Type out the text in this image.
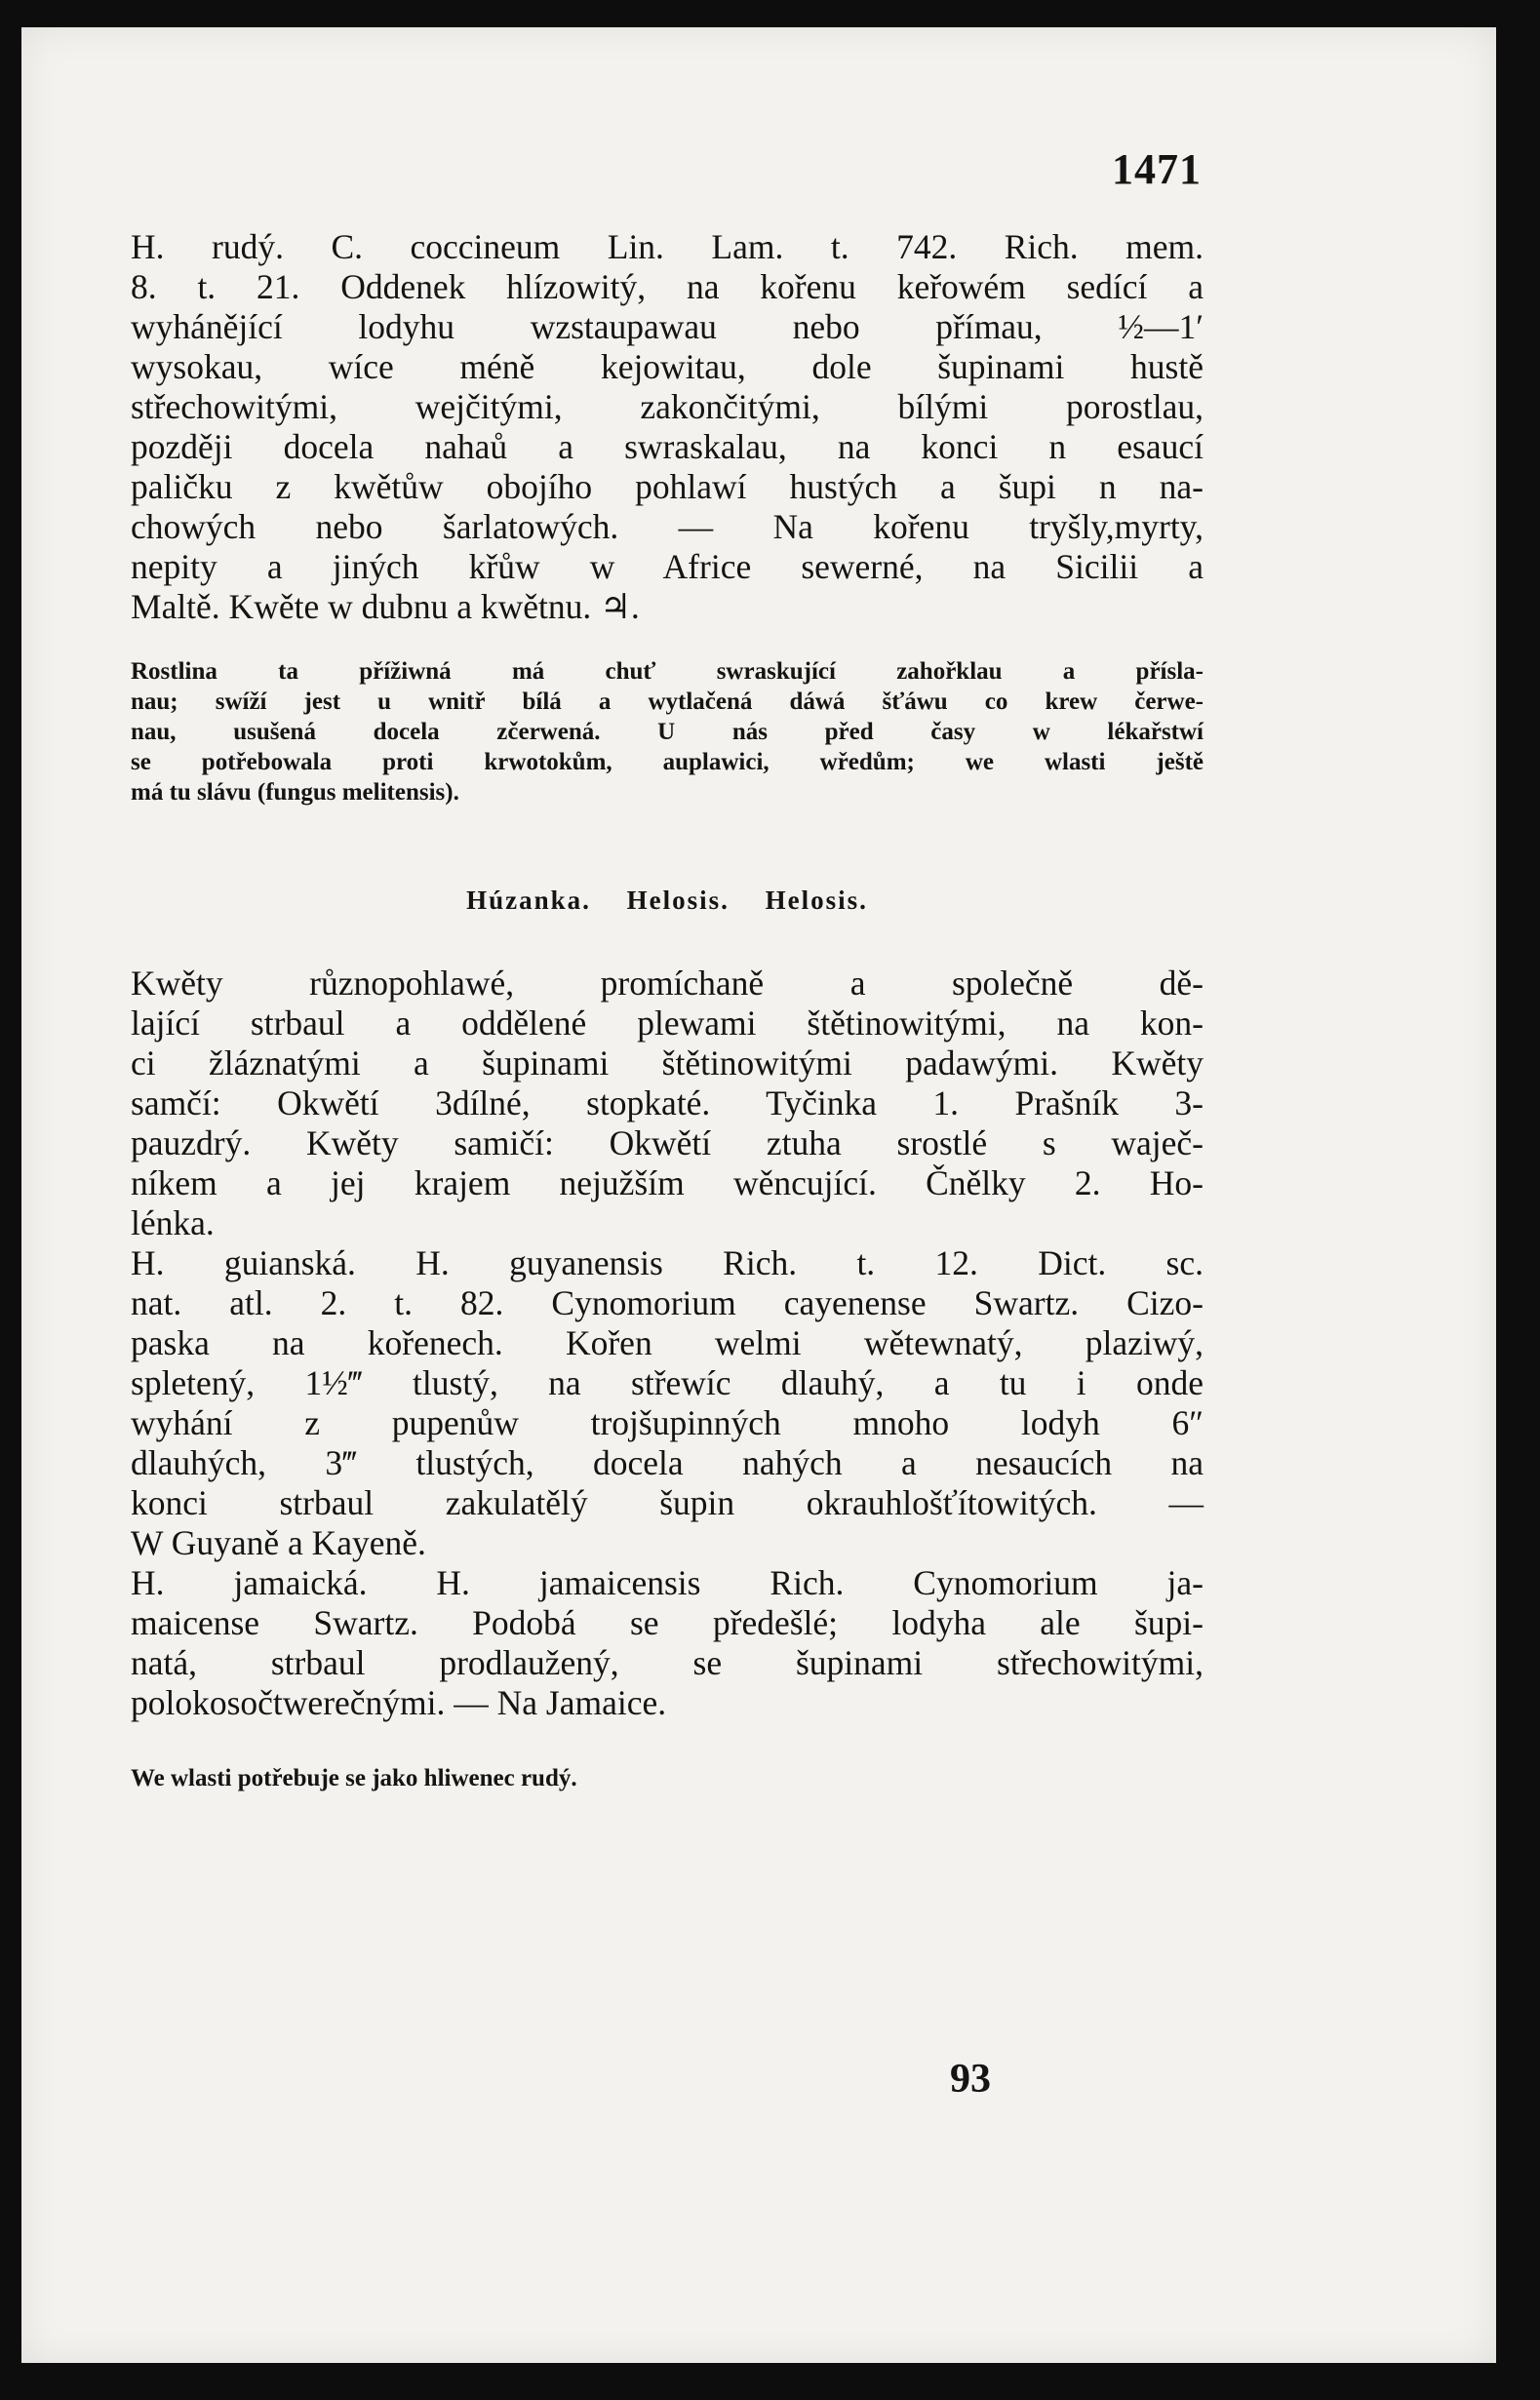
1471

H. rudý. C. coccineum Lin. Lam. t. 742. Rich. mem.

8. t. 21. Oddenek hlízowitý, na kořenu keřowém sedící a

wyhánějící lodyhu wzstaupawau nebo přímau, ½—1′

wysokau, wíce méně kejowitau, dole šupinami hustě

střechowitými, wejčitými, zakončitými, bílými porostlau,

později docela nahaů a swraskalau, na konci n esaucí

paličku z kwětůw obojího pohlawí hustých a šupi n na-

chowých nebo šarlatowých. — Na kořenu tryšly,myrty,

nepity a jiných křůw w Africe sewerné, na Sicilii a

Maltě. Kwěte w dubnu a kwětnu. ♃.

Rostlina ta přížiwná má chuť swraskující zahořklau a přísla-

nau; swíží jest u wnitř bílá a wytlačená dáwá šťáwu co krew čerwe-

nau, usušená docela zčerwená. U nás před časy w lékařstwí

se potřebowala proti krwotokům, auplawici, wředům; we wlasti ještě

má tu slávu (fungus melitensis).

Húzanka. Helosis. Helosis.

Kwěty různopohlawé, promíchaně a společně dě-

lající strbaul a oddělené plewami štětinowitými, na kon-

ci žláznatými a šupinami štětinowitými padawými. Kwěty

samčí: Okwětí 3dílné, stopkaté. Tyčinka 1. Prašník 3-

pauzdrý. Kwěty samičí: Okwětí ztuha srostlé s waječ-

níkem a jej krajem nejužším wěncující. Čnělky 2. Ho-

lénka.

H. guianská. H. guyanensis Rich. t. 12. Dict. sc.

nat. atl. 2. t. 82. Cynomorium cayenense Swartz. Cizo-

paska na kořenech. Kořen welmi wětewnatý, plaziwý,

spletený, 1½‴ tlustý, na střewíc dlauhý, a tu i onde

wyhání z pupenůw trojšupinných mnoho lodyh 6″

dlauhých, 3‴ tlustých, docela nahých a nesaucích na

konci strbaul zakulatělý šupin okrauhlošťítowitých. —

W Guyaně a Kayeně.

H. jamaická. H. jamaicensis Rich. Cynomorium ja-

maicense Swartz. Podobá se předešlé; lodyha ale šupi-

natá, strbaul prodlaužený, se šupinami střechowitými,

polokosočtwerečnými. — Na Jamaice.

We wlasti potřebuje se jako hliwenec rudý.

93
